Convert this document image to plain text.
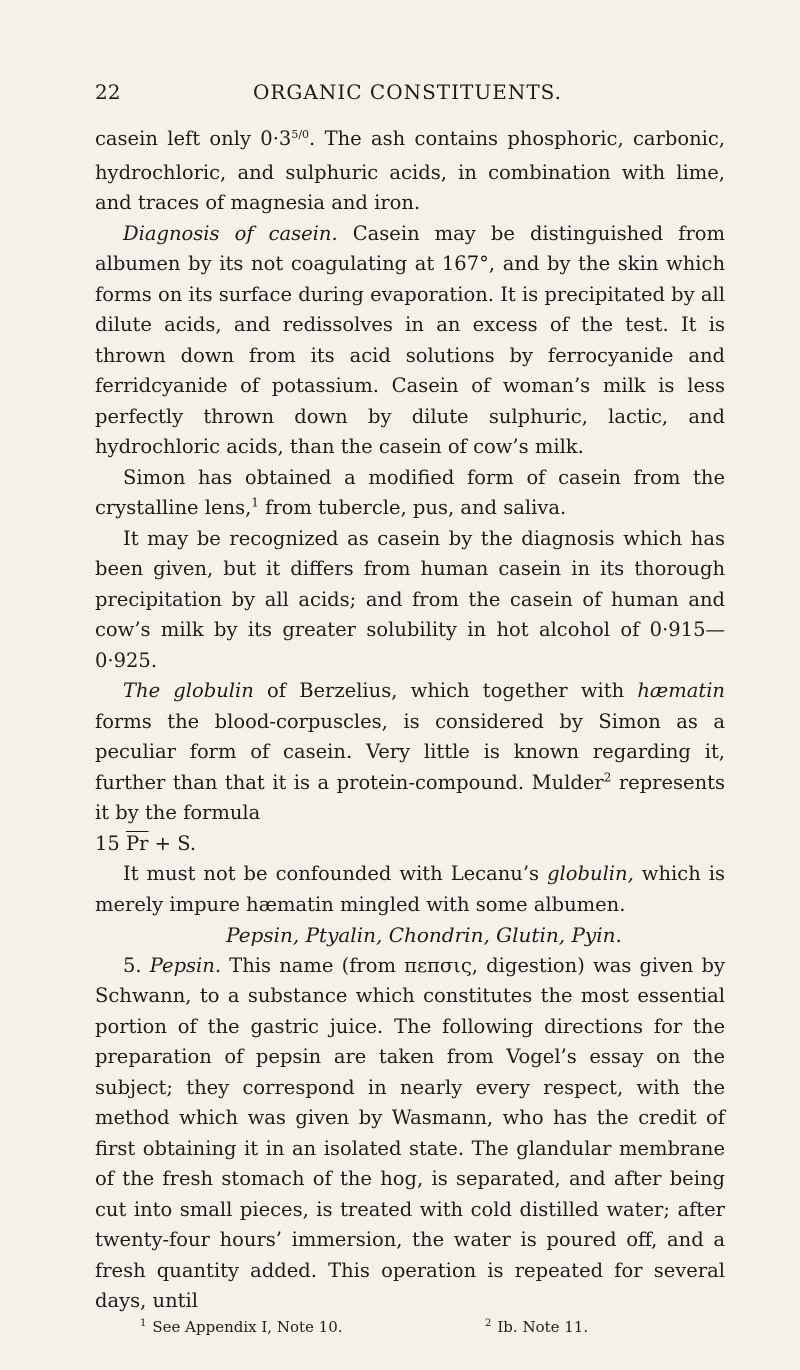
22	ORGANIC CONSTITUENTS.

casein left only $0\cdot 3^{5/0}$. The ash contains phosphoric, carbonic, hydrochloric, and sulphuric acids, in combination with lime, and traces of magnesia and iron.

Diagnosis of casein. Casein may be distinguished from albumen by its not coagulating at 167°, and by the skin which forms on its surface during evaporation. It is precipitated by all dilute acids, and redissolves in an excess of the test. It is thrown down from its acid solutions by ferrocyanide and ferridcyanide of potassium. Casein of woman’s milk is less perfectly thrown down by dilute sulphuric, lactic, and hydrochloric acids, than the casein of cow’s milk.

Simon has obtained a modified form of casein from the crystalline lens,$^1$ from tubercle, pus, and saliva.

It may be recognized as casein by the diagnosis which has been given, but it differs from human casein in its thorough precipitation by all acids; and from the casein of human and cow’s milk by its greater solubility in hot alcohol of 0·915—0·925.

The globulin of Berzelius, which together with hæmatin forms the blood-corpuscles, is considered by Simon as a peculiar form of casein. Very little is known regarding it, further than that it is a protein-compound. Mulder$^2$ represents it by the formula

15 $\overline{Pr} + S$.

It must not be confounded with Lecanu’s globulin, which is merely impure hæmatin mingled with some albumen.

Pepsin, Ptyalin, Chondrin, Glutin, Pyin.

5. Pepsin. This name (from πεπσις, digestion) was given by Schwann, to a substance which constitutes the most essential portion of the gastric juice. The following directions for the preparation of pepsin are taken from Vogel’s essay on the subject; they correspond in nearly every respect, with the method which was given by Wasmann, who has the credit of first obtaining it in an isolated state. The glandular membrane of the fresh stomach of the hog, is separated, and after being cut into small pieces, is treated with cold distilled water; after twenty-four hours’ immersion, the water is poured off, and a fresh quantity added. This operation is repeated for several days, until

$^1$ See Appendix I, Note 10.	$^2$ Ib. Note 11.
